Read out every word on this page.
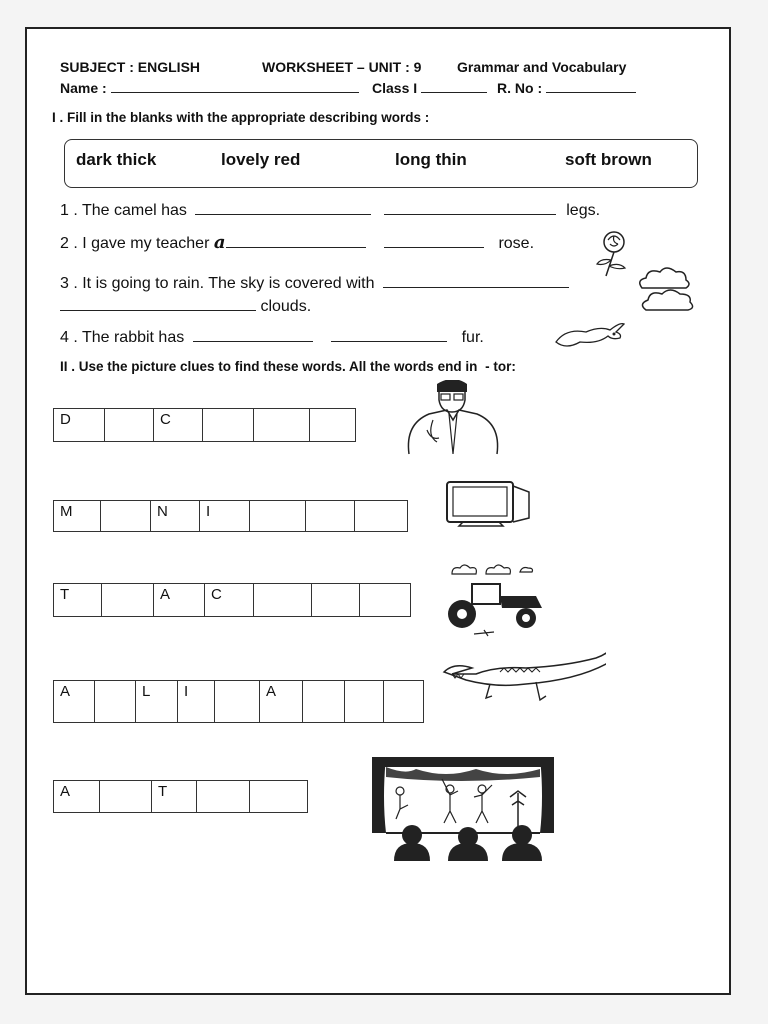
SUBJECT : ENGLISH	WORKSHEET – UNIT : 9	Grammar and Vocabulary
Name :	Class I	R. No :
I . Fill in the blanks with the appropriate describing words :
dark thick	lovely red	long thin	soft brown
1 . The camel has	legs.
2 . I gave my teacher a	rose.
3 . It is going to rain. The sky is covered with
clouds.
4 . The rabbit has	fur.
II . Use the picture clues to find these words. All the words end in - tor:
D	C
M	N	I
T	A	C
A	L	I	A
A	T
